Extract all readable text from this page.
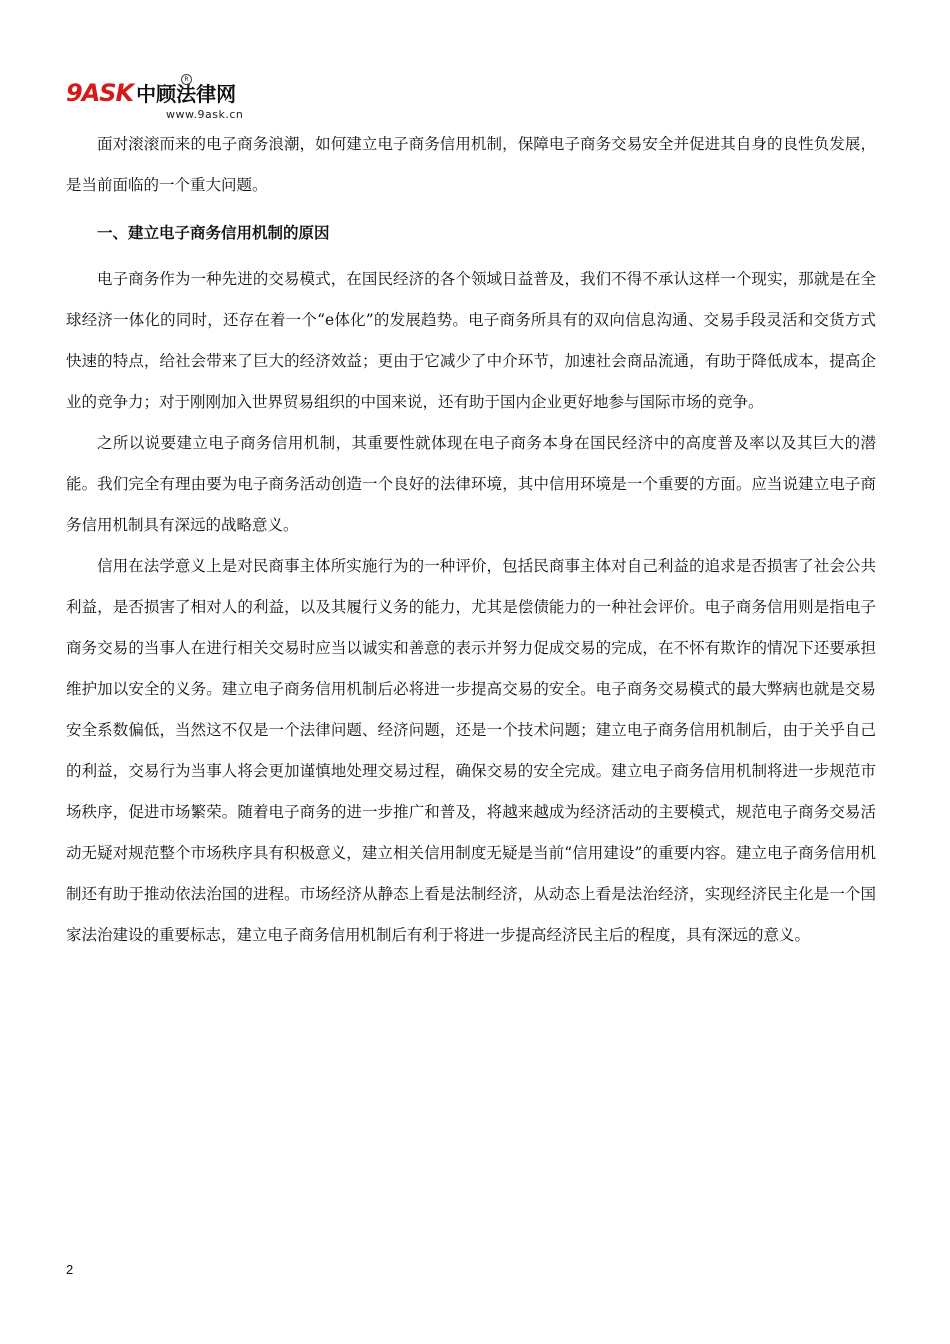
9ASK 中顾法律网
R
www.9ask.cn

面对滚滚而来的电子商务浪潮，如何建立电子商务信用机制，保障电子商务交易安全并促进其自身的良性负发展，是当前面临的一个重大问题。

一、建立电子商务信用机制的原因

电子商务作为一种先进的交易模式，在国民经济的各个领域日益普及，我们不得不承认这样一个现实，那就是在全球经济一体化的同时，还存在着一个“e体化”的发展趋势。电子商务所具有的双向信息沟通、交易手段灵活和交货方式快速的特点，给社会带来了巨大的经济效益；更由于它减少了中介环节，加速社会商品流通，有助于降低成本，提高企业的竞争力；对于刚刚加入世界贸易组织的中国来说，还有助于国内企业更好地参与国际市场的竞争。

之所以说要建立电子商务信用机制，其重要性就体现在电子商务本身在国民经济中的高度普及率以及其巨大的潜能。我们完全有理由要为电子商务活动创造一个良好的法律环境，其中信用环境是一个重要的方面。应当说建立电子商务信用机制具有深远的战略意义。

信用在法学意义上是对民商事主体所实施行为的一种评价，包括民商事主体对自己利益的追求是否损害了社会公共利益，是否损害了相对人的利益，以及其履行义务的能力，尤其是偿债能力的一种社会评价。电子商务信用则是指电子商务交易的当事人在进行相关交易时应当以诚实和善意的表示并努力促成交易的完成，在不怀有欺诈的情况下还要承担维护加以安全的义务。建立电子商务信用机制后必将进一步提高交易的安全。电子商务交易模式的最大弊病也就是交易安全系数偏低，当然这不仅是一个法律问题、经济问题，还是一个技术问题；建立电子商务信用机制后，由于关乎自己的利益，交易行为当事人将会更加谨慎地处理交易过程，确保交易的安全完成。建立电子商务信用机制将进一步规范市场秩序，促进市场繁荣。随着电子商务的进一步推广和普及，将越来越成为经济活动的主要模式，规范电子商务交易活动无疑对规范整个市场秩序具有积极意义，建立相关信用制度无疑是当前“信用建设”的重要内容。建立电子商务信用机制还有助于推动依法治国的进程。市场经济从静态上看是法制经济，从动态上看是法治经济，实现经济民主化是一个国家法治建设的重要标志，建立电子商务信用机制后有利于将进一步提高经济民主后的程度，具有深远的意义。

2
